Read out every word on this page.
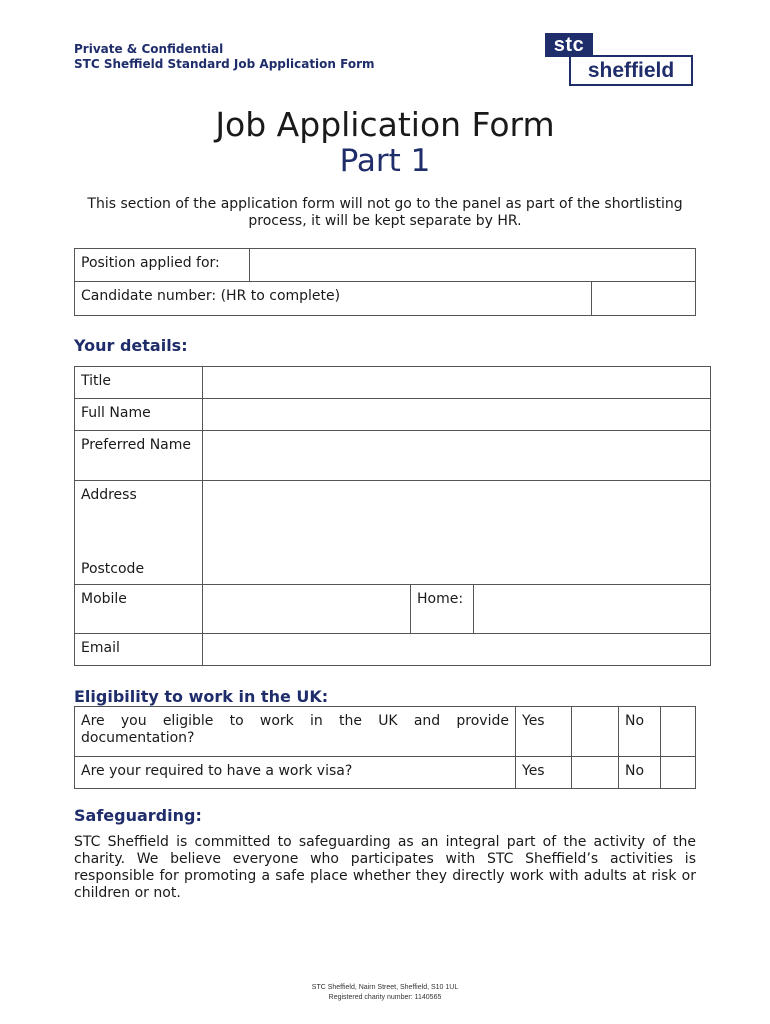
Private & Confidential
STC Sheffield Standard Job Application Form	sheffield
stc
Job Application Form
Part 1
This section of the application form will not go to the panel as part of the shortlisting process, it will be kept separate by HR.
Position applied for:		
Candidate number: (HR to complete)		
Your details:
Title			
Full Name			
Preferred Name			

Address
Postcode			

Mobile		Home:	
Email			
Eligibility to work in the UK:
Are you eligible to work in the UK and provide documentation?	Yes		No	
Are your required to have a work visa?	Yes		No	
Safeguarding:
STC Sheffield is committed to safeguarding as an integral part of the activity of the charity. We believe everyone who participates with STC Sheffield’s activities is responsible for promoting a safe place whether they directly work with adults at risk or children or not.
STC Sheffield, Nairn Street, Sheffield, S10 1UL
Registered charity number: 1140565
